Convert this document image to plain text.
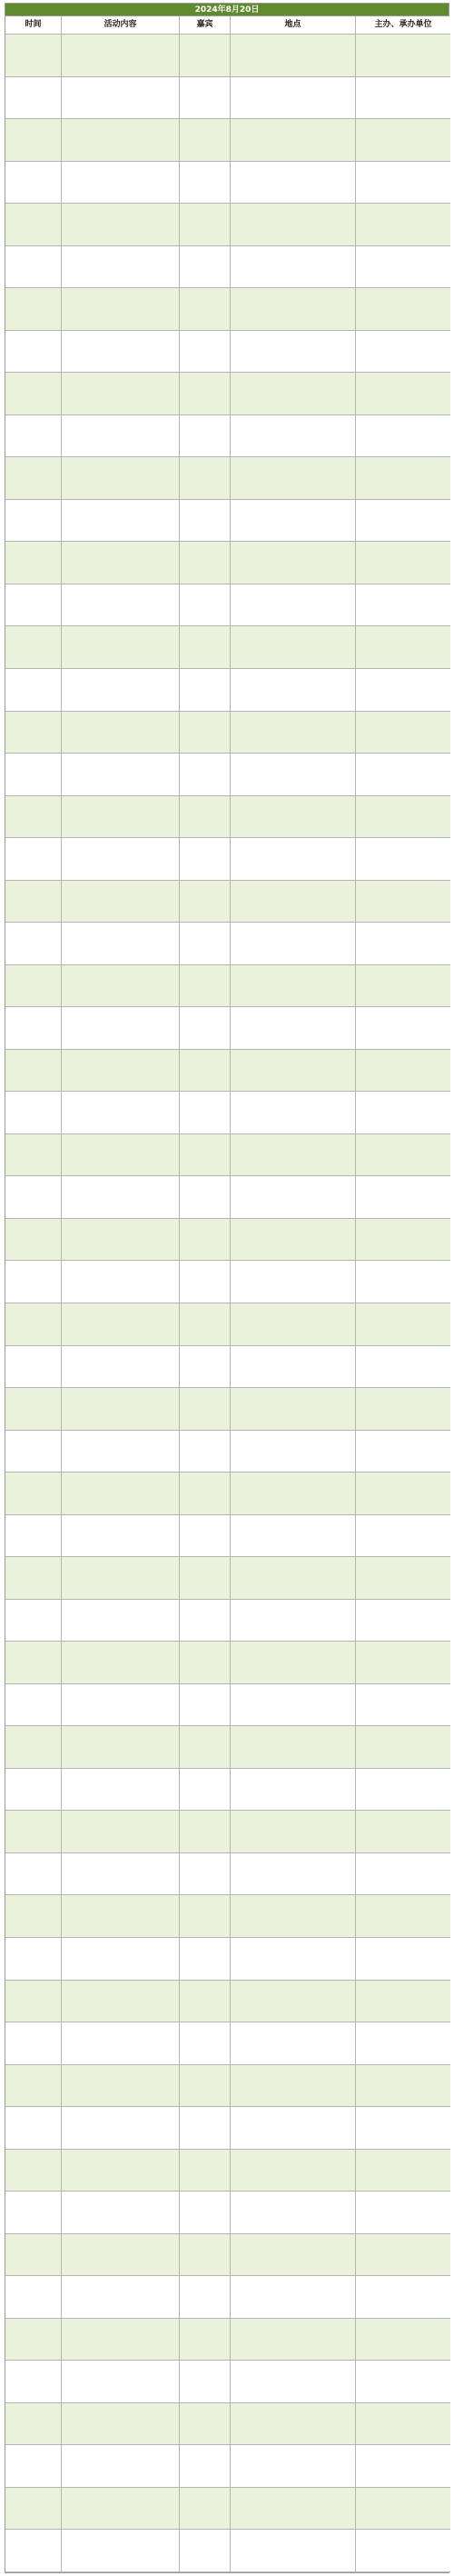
2024年8月20日
时间	活动内容	嘉宾	地点	主办、承办单位
